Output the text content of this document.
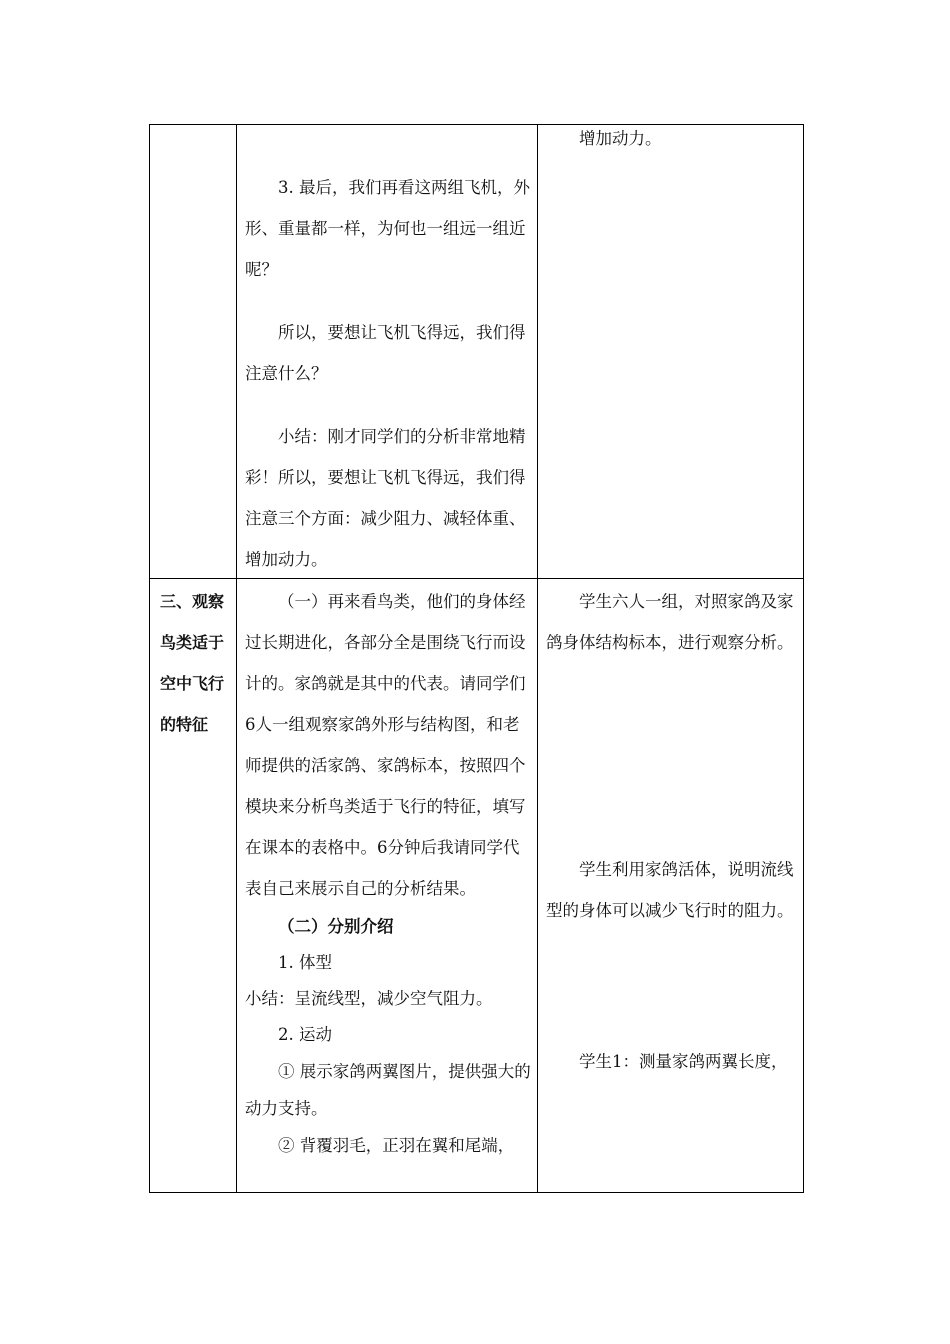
3. 最后，我们再看这两组飞机，外形、重量都一样，为何也一组远一组近呢？

所以，要想让飞机飞得远，我们得注意什么？

小结：刚才同学们的分析非常地精彩！所以，要想让飞机飞得远，我们得注意三个方面：减少阻力、减轻体重、增加动力。

增加动力。

三、观察鸟类适于空中飞行的特征

（一）再来看鸟类，他们的身体经过长期进化，各部分全是围绕飞行而设计的。家鸽就是其中的代表。请同学们6人一组观察家鸽外形与结构图，和老师提供的活家鸽、家鸽标本，按照四个模块来分析鸟类适于飞行的特征，填写在课本的表格中。6分钟后我请同学代表自己来展示自己的分析结果。

（二）分别介绍

1. 体型

小结：呈流线型，减少空气阻力。

2. 运动

① 展示家鸽两翼图片，提供强大的动力支持。

② 背覆羽毛，正羽在翼和尾端，

学生六人一组，对照家鸽及家鸽身体结构标本，进行观察分析。

学生利用家鸽活体，说明流线型的身体可以减少飞行时的阻力。

学生1：测量家鸽两翼长度，
